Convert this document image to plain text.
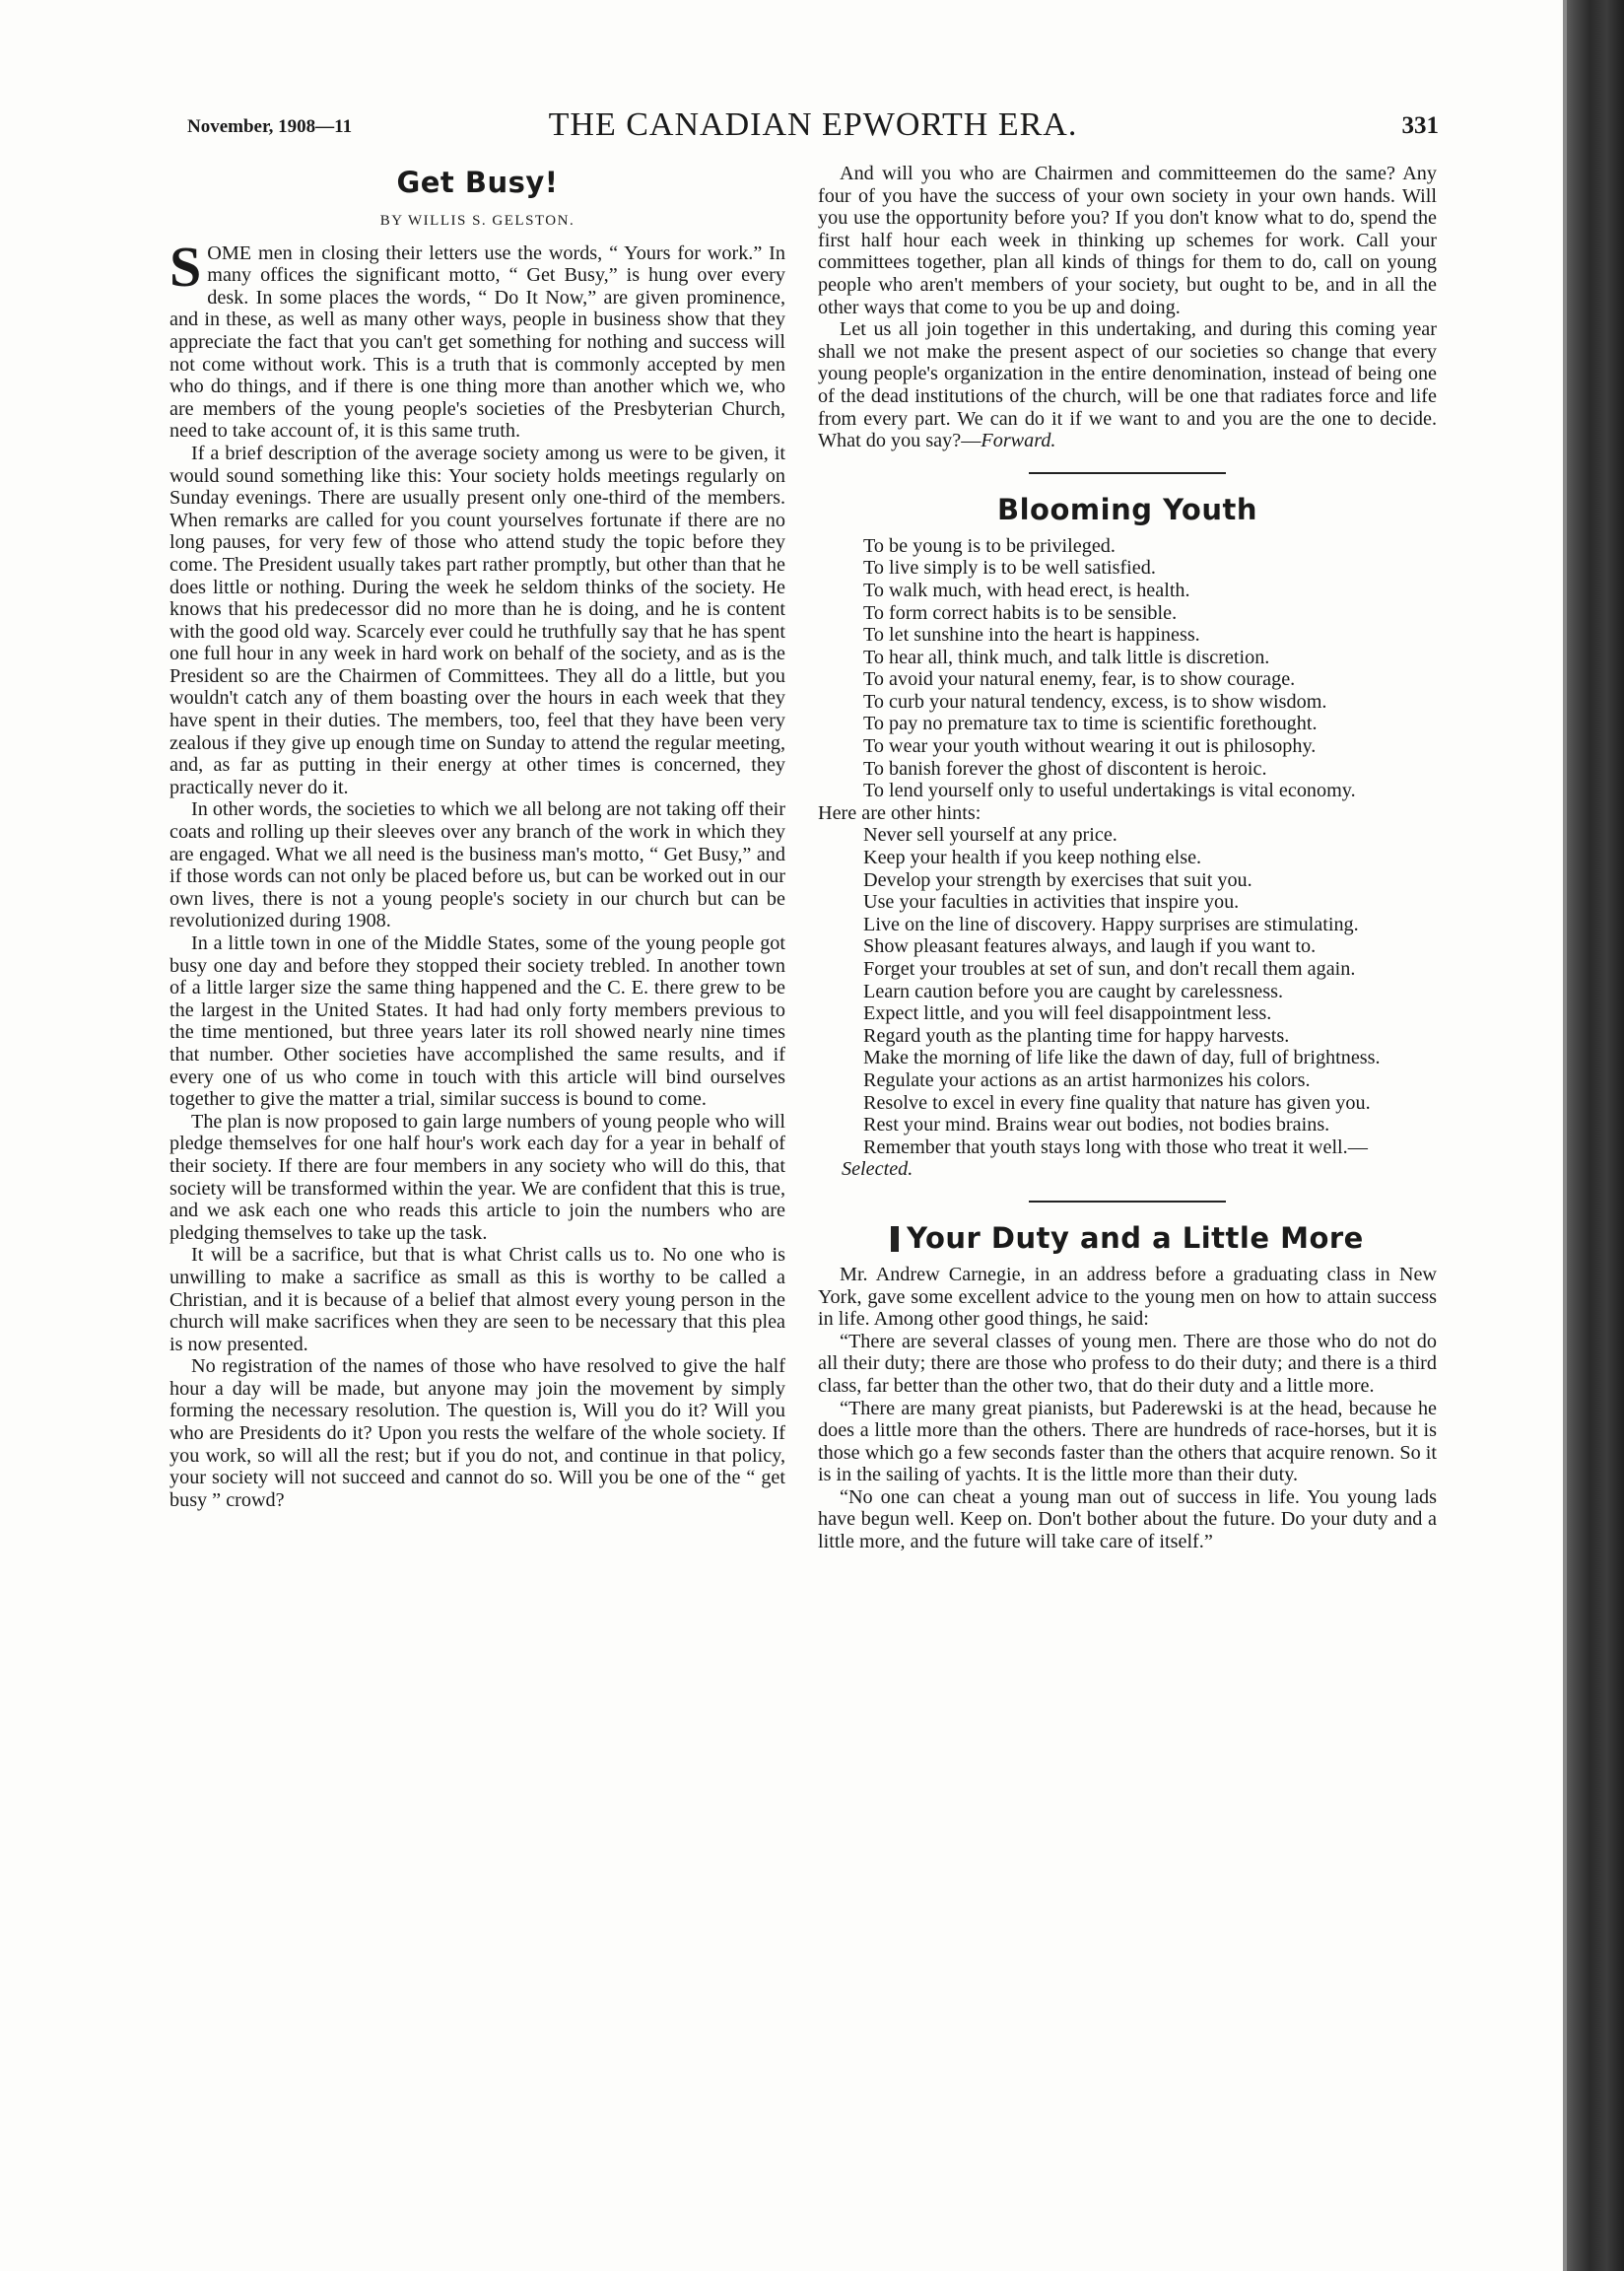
November, 1908—11	THE CANADIAN EPWORTH ERA.	331
Get Busy!
BY WILLIS S. GELSTON.

SOME men in closing their letters use the words, “ Yours for work.” In many offices the significant motto, “ Get Busy,” is hung over every desk. In some places the words, “ Do It Now,” are given prominence, and in these, as well as many other ways, people in business show that they appreciate the fact that you can't get something for nothing and success will not come without work. This is a truth that is commonly accepted by men who do things, and if there is one thing more than another which we, who are members of the young people's societies of the Presbyterian Church, need to take account of, it is this same truth.

If a brief description of the average society among us were to be given, it would sound something like this: Your society holds meetings regularly on Sunday evenings. There are usually present only one-third of the members. When remarks are called for you count yourselves fortunate if there are no long pauses, for very few of those who attend study the topic before they come. The President usually takes part rather promptly, but other than that he does little or nothing. During the week he seldom thinks of the society. He knows that his predecessor did no more than he is doing, and he is content with the good old way. Scarcely ever could he truthfully say that he has spent one full hour in any week in hard work on behalf of the society, and as is the President so are the Chairmen of Committees. They all do a little, but you wouldn't catch any of them boasting over the hours in each week that they have spent in their duties. The members, too, feel that they have been very zealous if they give up enough time on Sunday to attend the regular meeting, and, as far as putting in their energy at other times is concerned, they practically never do it.

In other words, the societies to which we all belong are not taking off their coats and rolling up their sleeves over any branch of the work in which they are engaged. What we all need is the business man's motto, “ Get Busy,” and if those words can not only be placed before us, but can be worked out in our own lives, there is not a young people's society in our church but can be revolutionized during 1908.

In a little town in one of the Middle States, some of the young people got busy one day and before they stopped their society trebled. In another town of a little larger size the same thing happened and the C. E. there grew to be the largest in the United States. It had had only forty members previous to the time mentioned, but three years later its roll showed nearly nine times that number. Other societies have accomplished the same results, and if every one of us who come in touch with this article will bind ourselves together to give the matter a trial, similar success is bound to come.

The plan is now proposed to gain large numbers of young people who will pledge themselves for one half hour's work each day for a year in behalf of their society. If there are four members in any society who will do this, that society will be transformed within the year. We are confident that this is true, and we ask each one who reads this article to join the numbers who are pledging themselves to take up the task.

It will be a sacrifice, but that is what Christ calls us to. No one who is unwilling to make a sacrifice as small as this is worthy to be called a Christian, and it is because of a belief that almost every young person in the church will make sacrifices when they are seen to be necessary that this plea is now presented.

No registration of the names of those who have resolved to give the half hour a day will be made, but anyone may join the movement by simply forming the necessary resolution. The question is, Will you do it? Will you who are Presidents do it? Upon you rests the welfare of the whole society. If you work, so will all the rest; but if you do not, and continue in that policy, your society will not succeed and cannot do so. Will you be one of the “ get busy ” crowd?

And will you who are Chairmen and committeemen do the same? Any four of you have the success of your own society in your own hands. Will you use the opportunity before you? If you don't know what to do, spend the first half hour each week in thinking up schemes for work. Call your committees together, plan all kinds of things for them to do, call on young people who aren't members of your society, but ought to be, and in all the other ways that come to you be up and doing.

Let us all join together in this undertaking, and during this coming year shall we not make the present aspect of our societies so change that every young people's organization in the entire denomination, instead of being one of the dead institutions of the church, will be one that radiates force and life from every part. We can do it if we want to and you are the one to decide. What do you say?—Forward.

Blooming Youth

To be young is to be privileged.

To live simply is to be well satisfied.

To walk much, with head erect, is health.

To form correct habits is to be sensible.

To let sunshine into the heart is happiness.

To hear all, think much, and talk little is discretion.

To avoid your natural enemy, fear, is to show courage.

To curb your natural tendency, excess, is to show wisdom.

To pay no premature tax to time is scientific forethought.

To wear your youth without wearing it out is philosophy.

To banish forever the ghost of discontent is heroic.

To lend yourself only to useful undertakings is vital economy.

Here are other hints:

Never sell yourself at any price.

Keep your health if you keep nothing else.

Develop your strength by exercises that suit you.

Use your faculties in activities that inspire you.

Live on the line of discovery. Happy surprises are stimulating.

Show pleasant features always, and laugh if you want to.

Forget your troubles at set of sun, and don't recall them again.

Learn caution before you are caught by carelessness.

Expect little, and you will feel disappointment less.

Regard youth as the planting time for happy harvests.

Make the morning of life like the dawn of day, full of brightness.

Regulate your actions as an artist harmonizes his colors.

Resolve to excel in every fine quality that nature has given you.

Rest your mind. Brains wear out bodies, not bodies brains.

Remember that youth stays long with those who treat it well.—Selected.

Your Duty and a Little More

Mr. Andrew Carnegie, in an address before a graduating class in New York, gave some excellent advice to the young men on how to attain success in life. Among other good things, he said:

“There are several classes of young men. There are those who do not do all their duty; there are those who profess to do their duty; and there is a third class, far better than the other two, that do their duty and a little more.

“There are many great pianists, but Paderewski is at the head, because he does a little more than the others. There are hundreds of race-horses, but it is those which go a few seconds faster than the others that acquire renown. So it is in the sailing of yachts. It is the little more than their duty.

“No one can cheat a young man out of success in life. You young lads have begun well. Keep on. Don't bother about the future. Do your duty and a little more, and the future will take care of itself.”
